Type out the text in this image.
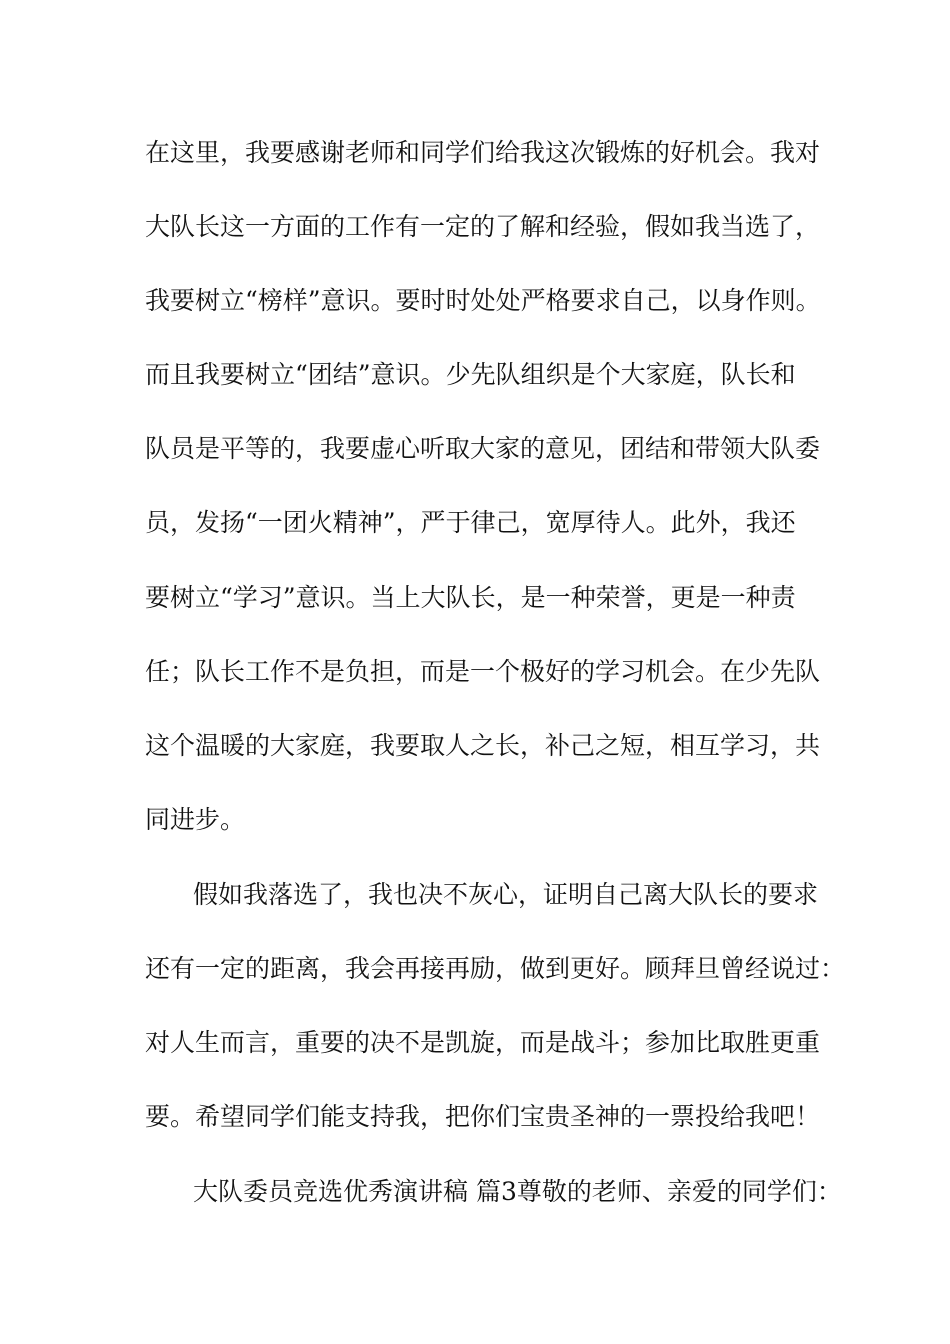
在这里，我要感谢老师和同学们给我这次锻炼的好机会。我对
大队长这一方面的工作有一定的了解和经验，假如我当选了，
我要树立“榜样”意识。要时时处处严格要求自己，以身作则。
而且我要树立“团结”意识。少先队组织是个大家庭，队长和
队员是平等的，我要虚心听取大家的意见，团结和带领大队委
员，发扬“一团火精神”，严于律己，宽厚待人。此外，我还
要树立“学习”意识。当上大队长，是一种荣誉，更是一种责
任；队长工作不是负担，而是一个极好的学习机会。在少先队
这个温暖的大家庭，我要取人之长，补己之短，相互学习，共
同进步。
假如我落选了，我也决不灰心，证明自己离大队长的要求
还有一定的距离，我会再接再励，做到更好。顾拜旦曾经说过：
对人生而言，重要的决不是凯旋，而是战斗；参加比取胜更重
要。希望同学们能支持我，把你们宝贵圣神的一票投给我吧！
大队委员竞选优秀演讲稿 篇3尊敬的老师、亲爱的同学们：
